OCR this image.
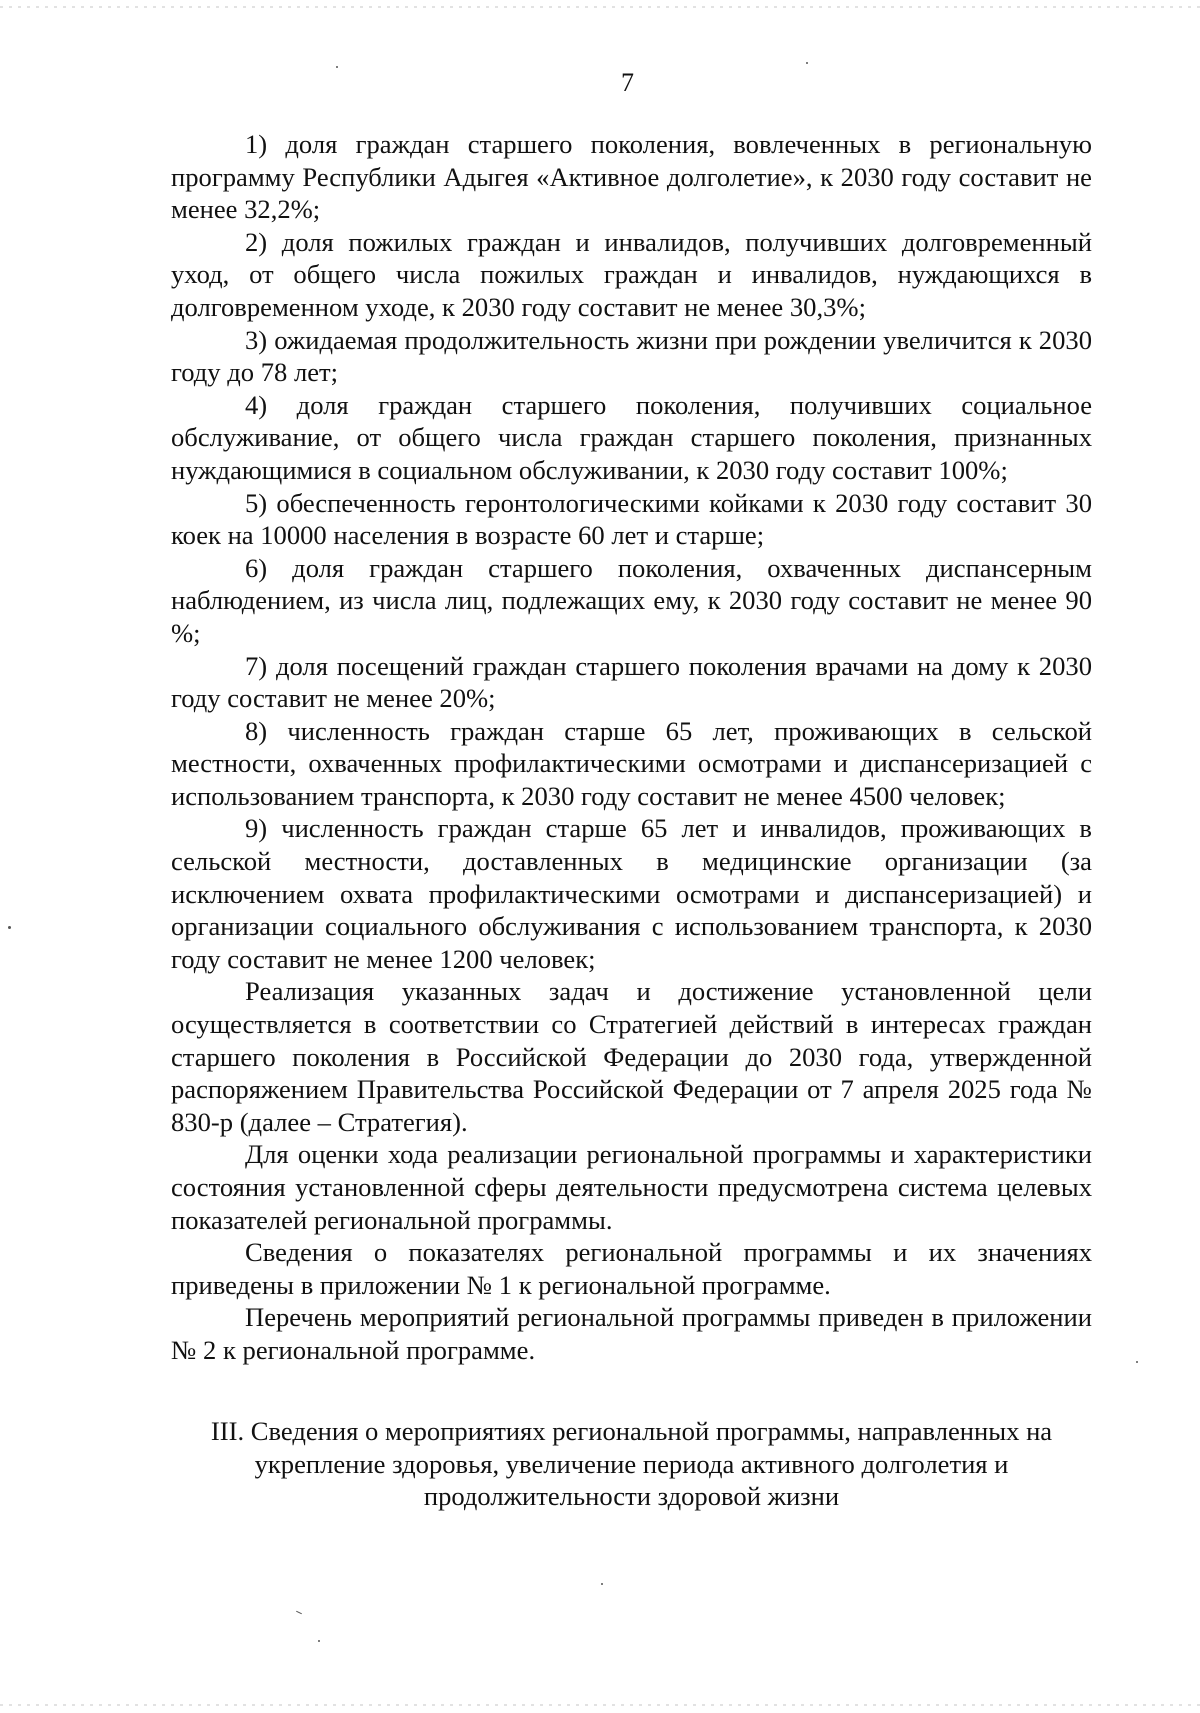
7

1) доля граждан старшего поколения, вовлеченных в региональную программу Республики Адыгея «Активное долголетие», к 2030 году составит не менее 32,2%;

2) доля пожилых граждан и инвалидов, получивших долговременный уход, от общего числа пожилых граждан и инвалидов, нуждающихся в долговременном уходе, к 2030 году составит не менее 30,3%;

3) ожидаемая продолжительность жизни при рождении увеличится к 2030 году до 78 лет;

4) доля граждан старшего поколения, получивших социальное обслуживание, от общего числа граждан старшего поколения, признанных нуждающимися в социальном обслуживании, к 2030 году составит 100%;

5) обеспеченность геронтологическими койками к 2030 году составит 30 коек на 10000 населения в возрасте 60 лет и старше;

6) доля граждан старшего поколения, охваченных диспансерным наблюдением, из числа лиц, подлежащих ему, к 2030 году составит не менее 90 %;

7) доля посещений граждан старшего поколения врачами на дому к 2030 году составит не менее 20%;

8) численность граждан старше 65 лет, проживающих в сельской местности, охваченных профилактическими осмотрами и диспансеризацией с использованием транспорта, к 2030 году составит не менее 4500 человек;

9) численность граждан старше 65 лет и инвалидов, проживающих в сельской местности, доставленных в медицинские организации (за исключением охвата профилактическими осмотрами и диспансеризацией) и организации социального обслуживания с использованием транспорта, к 2030 году составит не менее 1200 человек;

Реализация указанных задач и достижение установленной цели осуществляется в соответствии со Стратегией действий в интересах граждан старшего поколения в Российской Федерации до 2030 года, утвержденной распоряжением Правительства Российской Федерации от 7 апреля 2025 года № 830-р (далее – Стратегия).

Для оценки хода реализации региональной программы и характеристики состояния установленной сферы деятельности предусмотрена система целевых показателей региональной программы.

Сведения о показателях региональной программы и их значениях приведены в приложении № 1 к региональной программе.

Перечень мероприятий региональной программы приведен в приложении № 2 к региональной программе.

III. Сведения о мероприятиях региональной программы, направленных на
укрепление здоровья, увеличение периода активного долголетия и
продолжительности здоровой жизни
